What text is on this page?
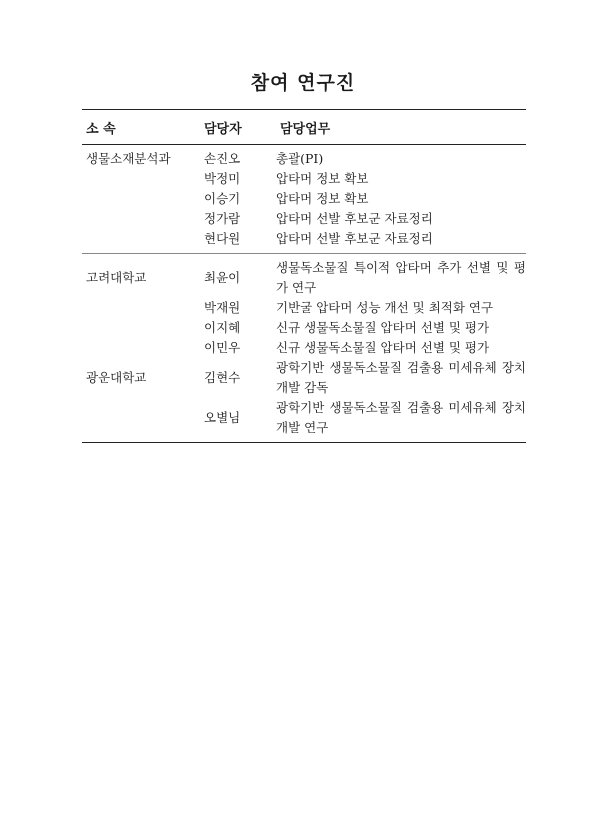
참여 연구진
소 속	담당자	담당업무
생물소재분석과	손진오	총괄(PI)
	박정미	압타머 정보 확보
	이승기	압타머 정보 확보
	정가람	압타머 선발 후보군 자료정리
	현다원	압타머 선발 후보군 자료정리
고려대학교	최윤이	생물독소물질 특이적 압타머 추가 선별 및 평가 연구
	박재원	기반굴 압타머 성능 개선 및 최적화 연구
	이지혜	신규 생물독소물질 압타머 선별 및 평가
	이민우	신규 생물독소물질 압타머 선별 및 평가
광운대학교	김현수	광학기반 생물독소물질 검출용 미세유체 장치 개발 감독
	오별님	광학기반 생물독소물질 검출용 미세유체 장치 개발 연구
